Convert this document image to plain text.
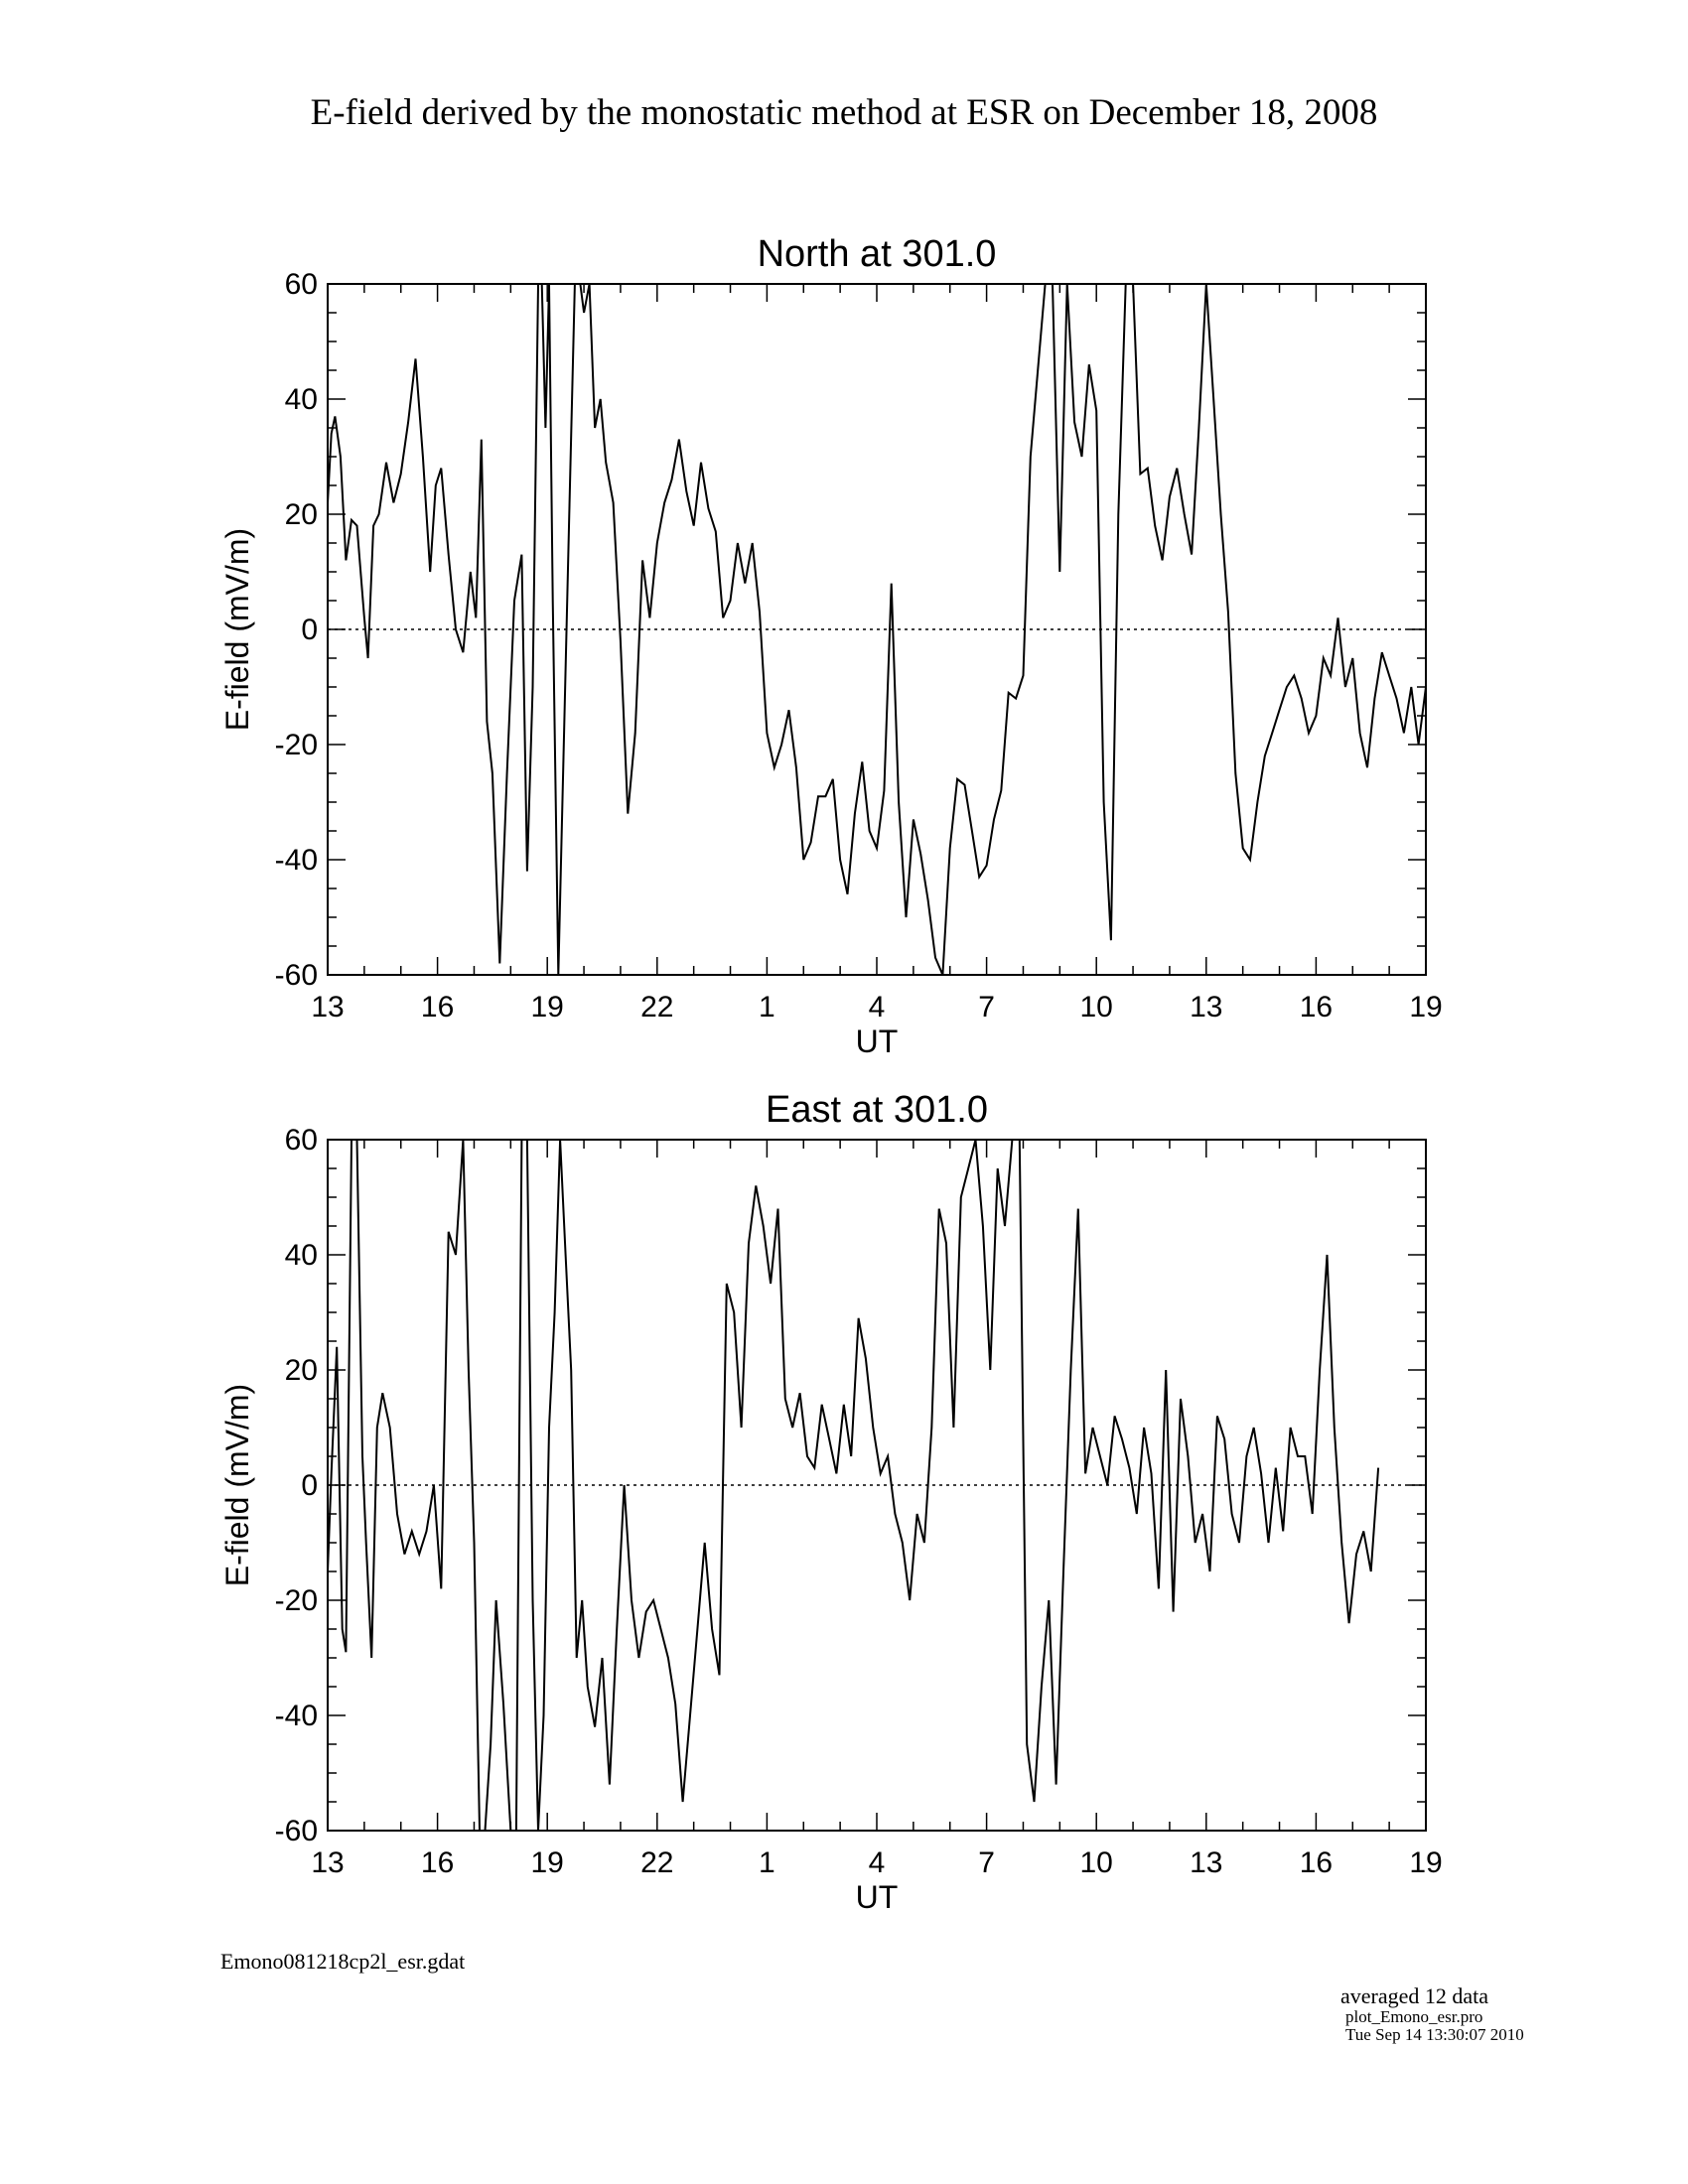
E-field derived by the monostatic method at ESR on December 18, 2008
North at 301.0
13	16	19	22	1	4	7	10	13	16	19
-60
-40
-20
0
20
40
60
UT
E-field (mV/m)
East at 301.0
13	16	19	22	1	4	7	10	13	16	19
-60
-40
-20
0
20
40
60
UT
E-field (mV/m)
Emono081218cp2l_esr.gdat
averaged 12 data
plot_Emono_esr.pro
Tue Sep 14 13:30:07 2010
